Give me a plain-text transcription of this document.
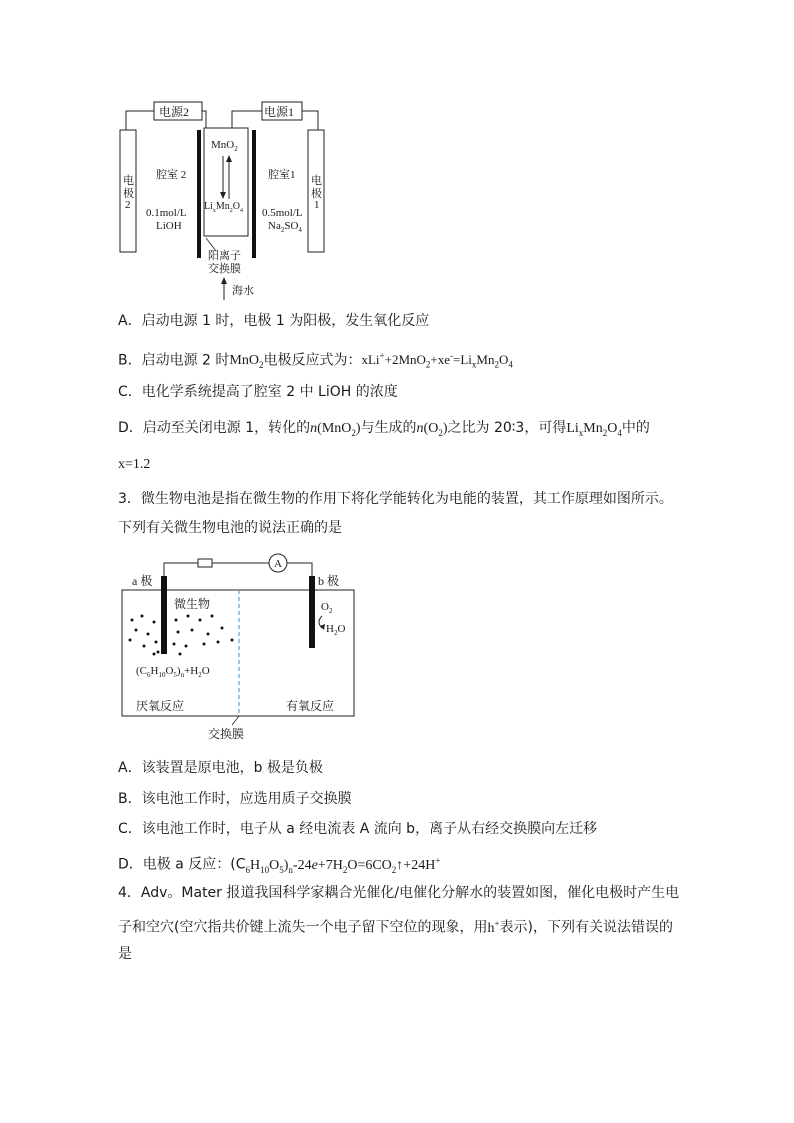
电源2	电源1
电
极
2
电
极
1
腔室 2	腔室1
0.1mol/L
LiOH
0.5mol/L
$Na_2SO_4$
MnO$_2$
$Li_xMn_2O_4$
阳离子
交换膜
海水
A．启动电源 1 时，电极 1 为阳极，发生氧化反应
B．启动电源 2 时MnO$_2$电极反应式为：$xLi^++2MnO_2+xe^-=Li_xMn_2O_4$
C．电化学系统提高了腔室 2 中 LiOH 的浓度
D．启动至关闭电源 1，转化的n(MnO$_2$)与生成的$n(O_2)$之比为 20∶3，可得$Li_xMn_2O_4$中的
x=1.2
3．微生物电池是指在微生物的作用下将化学能转化为电能的装置，其工作原理如图所示。
下列有关微生物电池的说法正确的是
A
a 极	b 极
微生物
$(C_6H_{10}O_5)_n+H_2O$
$O_2$
$H_2O$
厌氧反应	有氧反应
交换膜
A．该装置是原电池，b 极是负极
B．该电池工作时，应选用质子交换膜
C．该电池工作时，电子从 a 经电流表 A 流向 b，离子从右经交换膜向左迁移
D．电极 a 反应：$(C_6H_{10}O_5)_n-24e+7H_2O=6CO_2↑+24H^+$
4．Adv。Mater 报道我国科学家耦合光催化/电催化分解水的装置如图，催化电极时产生电
子和空穴(空穴指共价键上流失一个电子留下空位的现象，用h+表示)，下列有关说法错误的
是
